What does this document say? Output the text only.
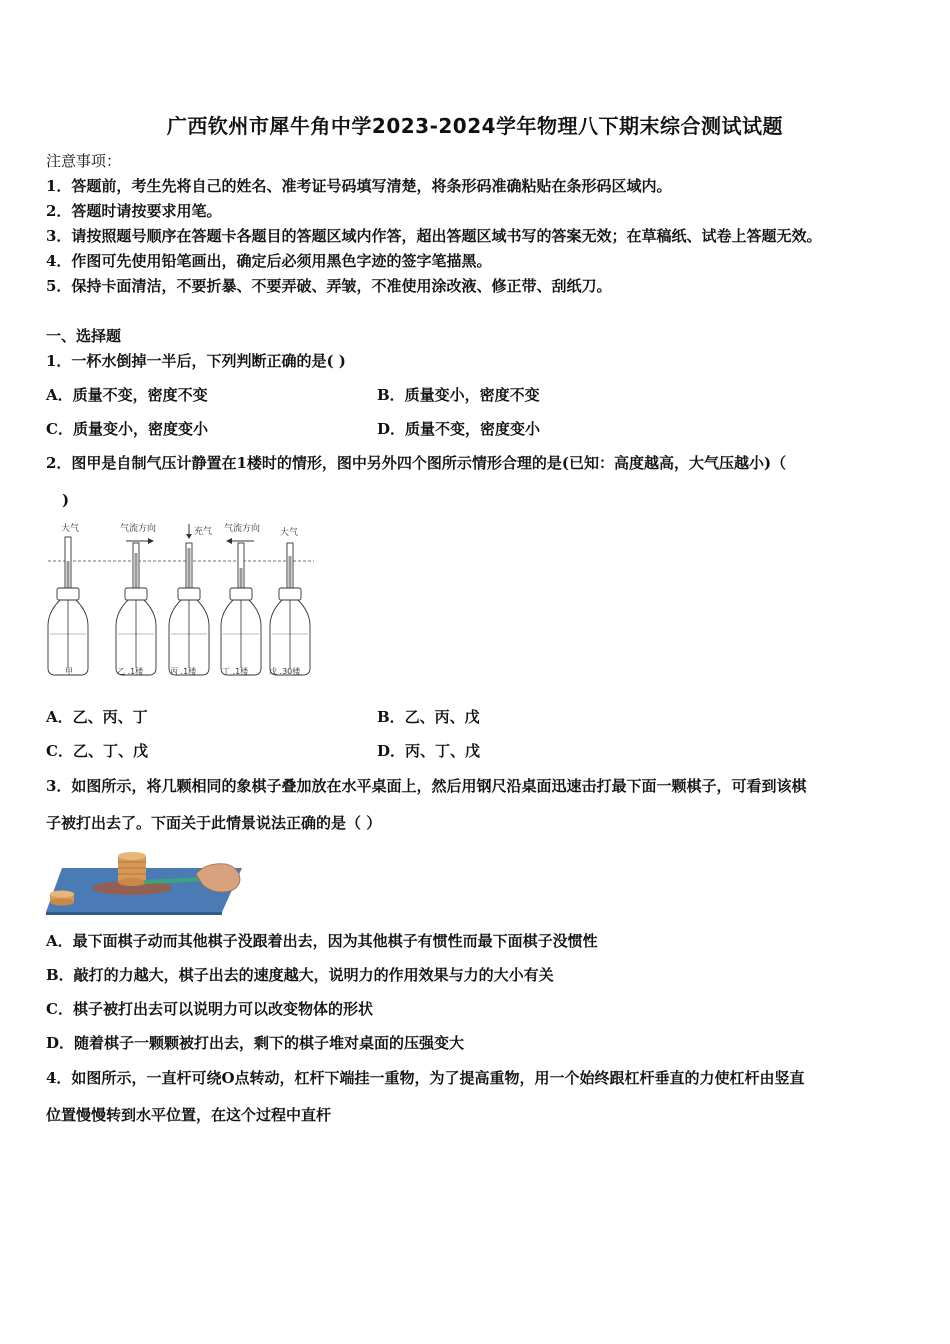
广西钦州市犀牛角中学2023-2024学年物理八下期末综合测试试题
注意事项：
1．答题前，考生先将自己的姓名、准考证号码填写清楚，将条形码准确粘贴在条形码区域内。
2．答题时请按要求用笔。
3．请按照题号顺序在答题卡各题目的答题区域内作答，超出答题区域书写的答案无效；在草稿纸、试卷上答题无效。
4．作图可先使用铅笔画出，确定后必须用黑色字迹的签字笔描黑。
5．保持卡面清洁，不要折暴、不要弄破、弄皱，不准使用涂改液、修正带、刮纸刀。
一、选择题
1．一杯水倒掉一半后，下列判断正确的是( )
A．质量不变，密度不变	B．质量变小，密度不变
C．质量变小，密度变小	D．质量不变，密度变小
2．图甲是自制气压计静置在1楼时的情形，图中另外四个图所示情形合理的是(已知：高度越高，大气压越小)（
)
大气	气流方向	充气 气流方向 大气
甲	乙 .1楼	丙 .1楼	丁 .1楼	戊 .30楼
A．乙、丙、丁	B．乙、丙、戊
C．乙、丁、戊	D．丙、丁、戊
3．如图所示，将几颗相同的象棋子叠加放在水平桌面上，然后用钢尺沿桌面迅速击打最下面一颗棋子，可看到该棋
子被打出去了。下面关于此情景说法正确的是（ ）
A．最下面棋子动而其他棋子没跟着出去，因为其他棋子有惯性而最下面棋子没惯性
B．敲打的力越大，棋子出去的速度越大，说明力的作用效果与力的大小有关
C．棋子被打出去可以说明力可以改变物体的形状
D．随着棋子一颗颗被打出去，剩下的棋子堆对桌面的压强变大
4．如图所示，一直杆可绕O点转动，杠杆下端挂一重物，为了提高重物，用一个始终跟杠杆垂直的力使杠杆由竖直
位置慢慢转到水平位置，在这个过程中直杆
